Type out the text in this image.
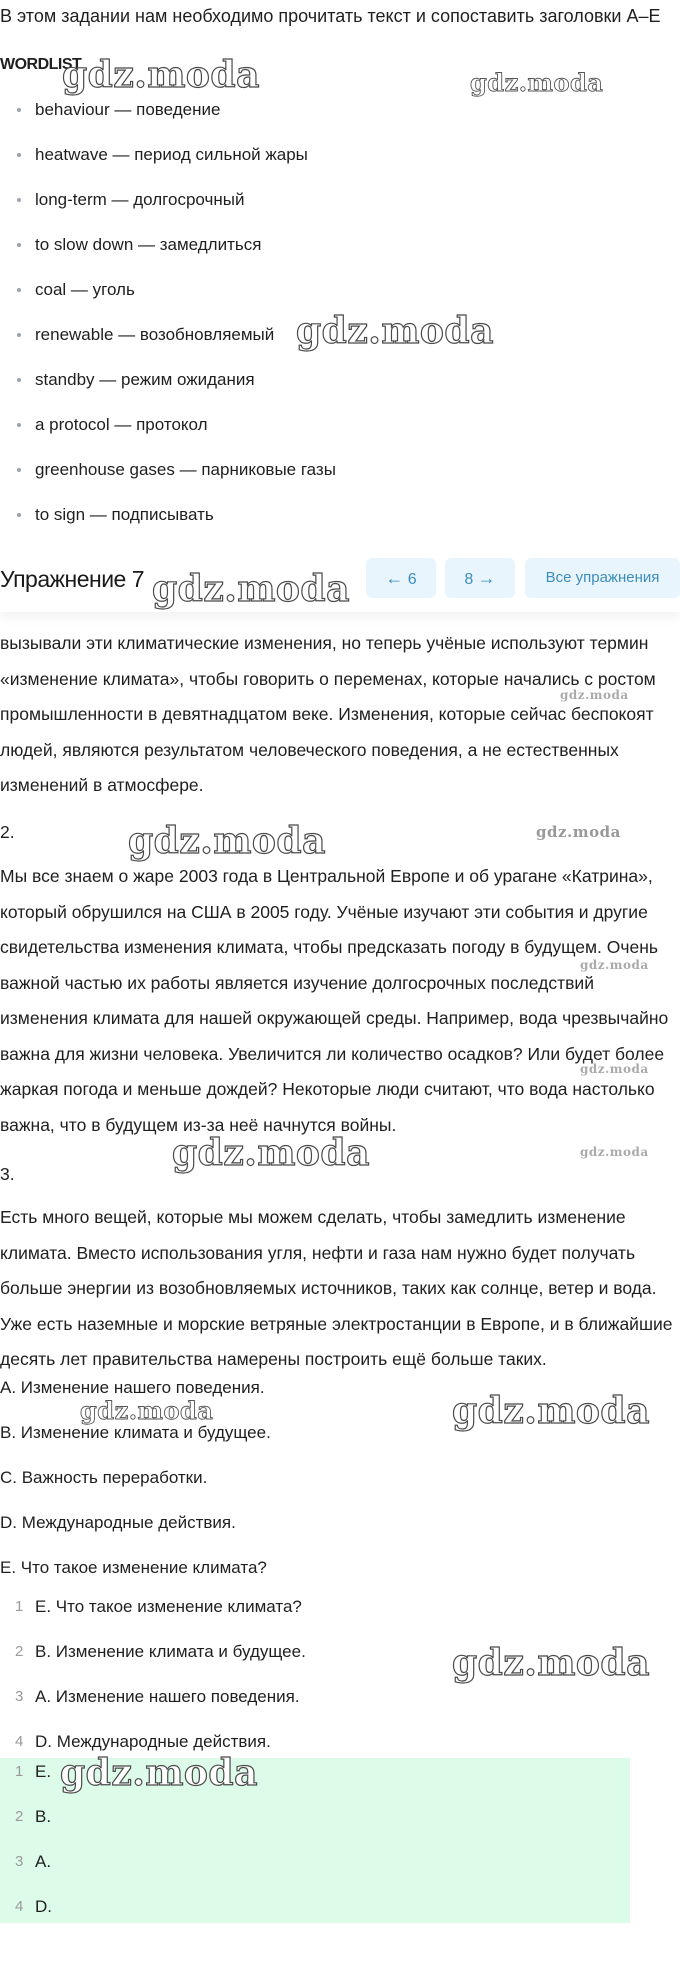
В этом задании нам необходимо прочитать текст и сопоставить заголовки A–E
WORDLIST
behaviour — поведение
heatwave — период сильной жары
long-term — долгосрочный
to slow down — замедлиться
coal — уголь
renewable — возобновляемый
standby — режим ожидания
a protocol — протокол
greenhouse gases — парниковые газы
to sign — подписывать
Упражнение 7	← 6	8 →	Все упражнения
вызывали эти климатические изменения, но теперь учёные используют термин «изменение климата», чтобы говорить о переменах, которые начались с ростом промышленности в девятнадцатом веке. Изменения, которые сейчас беспокоят людей, являются результатом человеческого поведения, а не естественных изменений в атмосфере.
2.
Мы все знаем о жаре 2003 года в Центральной Европе и об урагане «Катрина», который обрушился на США в 2005 году. Учёные изучают эти события и другие свидетельства изменения климата, чтобы предсказать погоду в будущем. Очень важной частью их работы является изучение долгосрочных последствий изменения климата для нашей окружающей среды. Например, вода чрезвычайно важна для жизни человека. Увеличится ли количество осадков? Или будет более жаркая погода и меньше дождей? Некоторые люди считают, что вода настолько важна, что в будущем из-за неё начнутся войны.
3.
Есть много вещей, которые мы можем сделать, чтобы замедлить изменение климата. Вместо использования угля, нефти и газа нам нужно будет получать больше энергии из возобновляемых источников, таких как солнце, ветер и вода. Уже есть наземные и морские ветряные электростанции в Европе, и в ближайшие десять лет правительства намерены построить ещё больше таких.
A. Изменение нашего поведения.
B. Изменение климата и будущее.
C. Важность переработки.
D. Международные действия.
E. Что такое изменение климата?
1 E. Что такое изменение климата?
2 B. Изменение климата и будущее.
3 A. Изменение нашего поведения.
4 D. Международные действия.
1 E.
2 B.
3 A.
4 D.
gdz.moda	gdz.moda
gdz.moda
gdz.moda
gdz.moda
gdz.moda	gdz.moda
gdz.moda
gdz.moda
gdz.moda	gdz.moda
gdz.moda
gdz.moda
gdz.moda
gdz.moda
